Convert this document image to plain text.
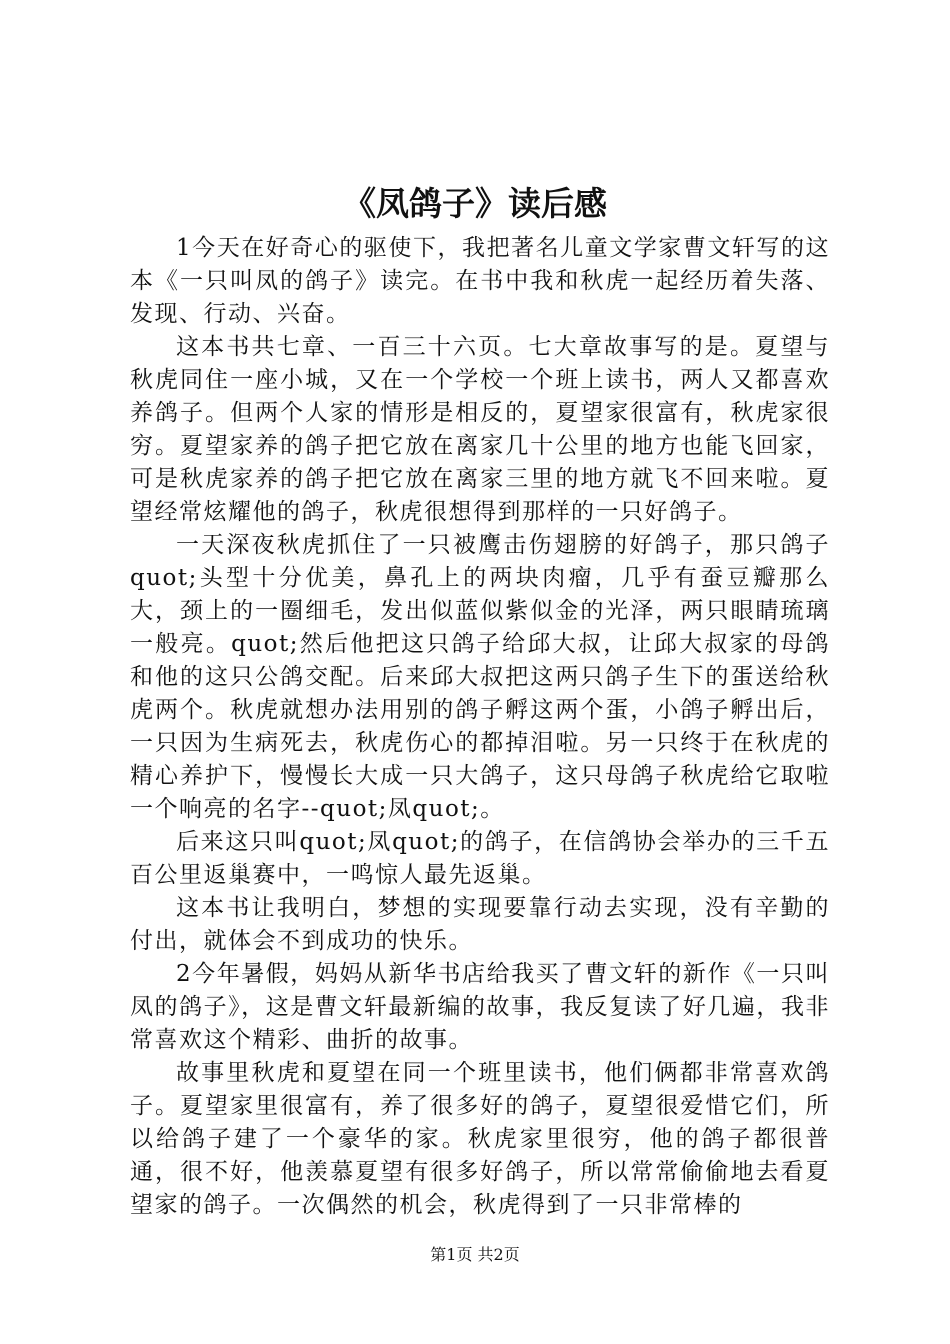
《凤鸽子》读后感

1今天在好奇心的驱使下，我把著名儿童文学家曹文轩写的这本《一只叫凤的鸽子》读完。在书中我和秋虎一起经历着失落、发现、行动、兴奋。

这本书共七章、一百三十六页。七大章故事写的是。夏望与秋虎同住一座小城，又在一个学校一个班上读书，两人又都喜欢养鸽子。但两个人家的情形是相反的，夏望家很富有，秋虎家很穷。夏望家养的鸽子把它放在离家几十公里的地方也能飞回家，可是秋虎家养的鸽子把它放在离家三里的地方就飞不回来啦。夏望经常炫耀他的鸽子，秋虎很想得到那样的一只好鸽子。

一天深夜秋虎抓住了一只被鹰击伤翅膀的好鸽子，那只鸽子quot;头型十分优美，鼻孔上的两块肉瘤，几乎有蚕豆瓣那么大，颈上的一圈细毛，发出似蓝似紫似金的光泽，两只眼睛琉璃一般亮。quot;然后他把这只鸽子给邱大叔，让邱大叔家的母鸽和他的这只公鸽交配。后来邱大叔把这两只鸽子生下的蛋送给秋虎两个。秋虎就想办法用别的鸽子孵这两个蛋，小鸽子孵出后，一只因为生病死去，秋虎伤心的都掉泪啦。另一只终于在秋虎的精心养护下，慢慢长大成一只大鸽子，这只母鸽子秋虎给它取啦一个响亮的名字--quot;凤quot;。

后来这只叫quot;凤quot;的鸽子，在信鸽协会举办的三千五百公里返巢赛中，一鸣惊人最先返巢。

这本书让我明白，梦想的实现要靠行动去实现，没有辛勤的付出，就体会不到成功的快乐。

2今年暑假，妈妈从新华书店给我买了曹文轩的新作《一只叫凤的鸽子》，这是曹文轩最新编的故事，我反复读了好几遍，我非常喜欢这个精彩、曲折的故事。

故事里秋虎和夏望在同一个班里读书，他们俩都非常喜欢鸽子。夏望家里很富有，养了很多好的鸽子，夏望很爱惜它们，所以给鸽子建了一个豪华的家。秋虎家里很穷，他的鸽子都很普通，很不好，他羡慕夏望有很多好鸽子，所以常常偷偷地去看夏望家的鸽子。一次偶然的机会，秋虎得到了一只非常棒的

第1页 共2页
